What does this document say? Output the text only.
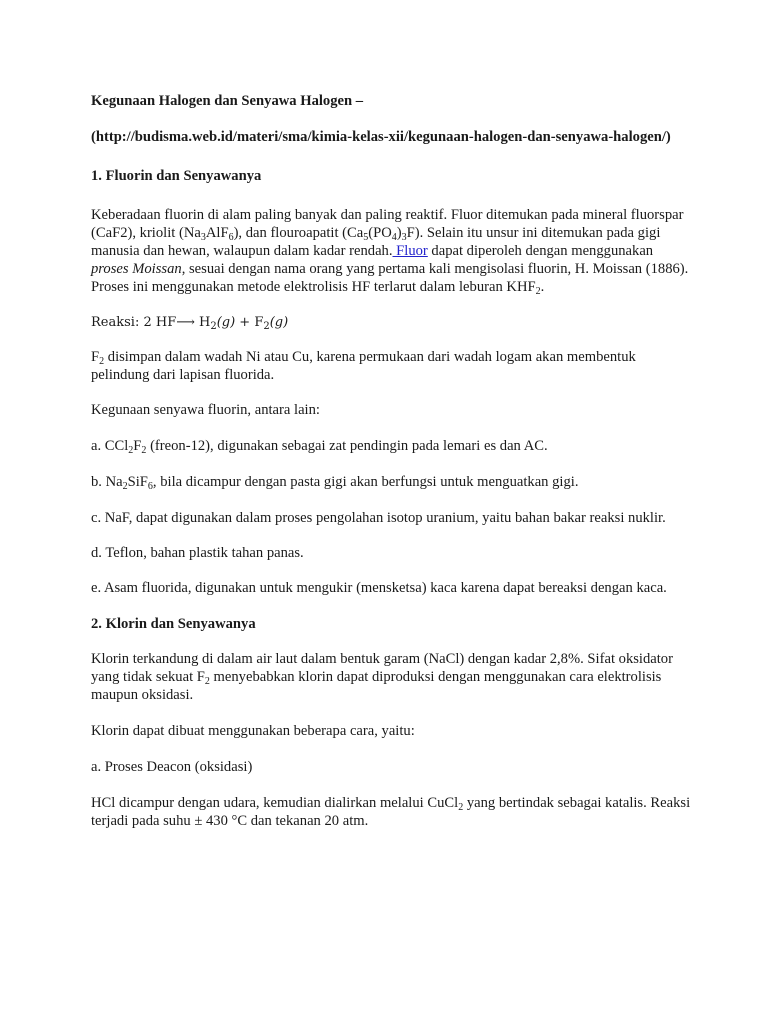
Kegunaan Halogen dan Senyawa Halogen –

(http://budisma.web.id/materi/sma/kimia-kelas-xii/kegunaan-halogen-dan-senyawa-halogen/)

1. Fluorin dan Senyawanya

Keberadaan fluorin di alam paling banyak dan paling reaktif. Fluor ditemukan pada mineral fluorspar (CaF2), kriolit $(Na_3AlF_6)$, dan flouroapatit $(Ca_5(PO_4)_3F)$. Selain itu unsur ini ditemukan pada gigi manusia dan hewan, walaupun dalam kadar rendah. Fluor dapat diperoleh dengan menggunakan proses Moissan, sesuai dengan nama orang yang pertama kali mengisolasi fluorin, H. Moissan (1886). Proses ini menggunakan metode elektrolisis HF terlarut dalam leburan $KHF_2$.

Reaksi: 2 HF⟶ $H_2(g) + F_2(g)$

$F_2$ disimpan dalam wadah Ni atau Cu, karena permukaan dari wadah logam akan membentuk pelindung dari lapisan fluorida.

Kegunaan senyawa fluorin, antara lain:

a. $CCl_2F_2$ (freon-12), digunakan sebagai zat pendingin pada lemari es dan AC.

b. $Na_2SiF_6$, bila dicampur dengan pasta gigi akan berfungsi untuk menguatkan gigi.

c. NaF, dapat digunakan dalam proses pengolahan isotop uranium, yaitu bahan bakar reaksi nuklir.

d. Teflon, bahan plastik tahan panas.

e. Asam fluorida, digunakan untuk mengukir (mensketsa) kaca karena dapat bereaksi dengan kaca.

2. Klorin dan Senyawanya

Klorin terkandung di dalam air laut dalam bentuk garam (NaCl) dengan kadar 2,8%. Sifat oksidator yang tidak sekuat $F_2$ menyebabkan klorin dapat diproduksi dengan menggunakan cara elektrolisis maupun oksidasi.

Klorin dapat dibuat menggunakan beberapa cara, yaitu:

a. Proses Deacon (oksidasi)

HCl dicampur dengan udara, kemudian dialirkan melalui CuCl$_2$ yang bertindak sebagai katalis. Reaksi terjadi pada suhu ± 430 °C dan tekanan 20 atm.
